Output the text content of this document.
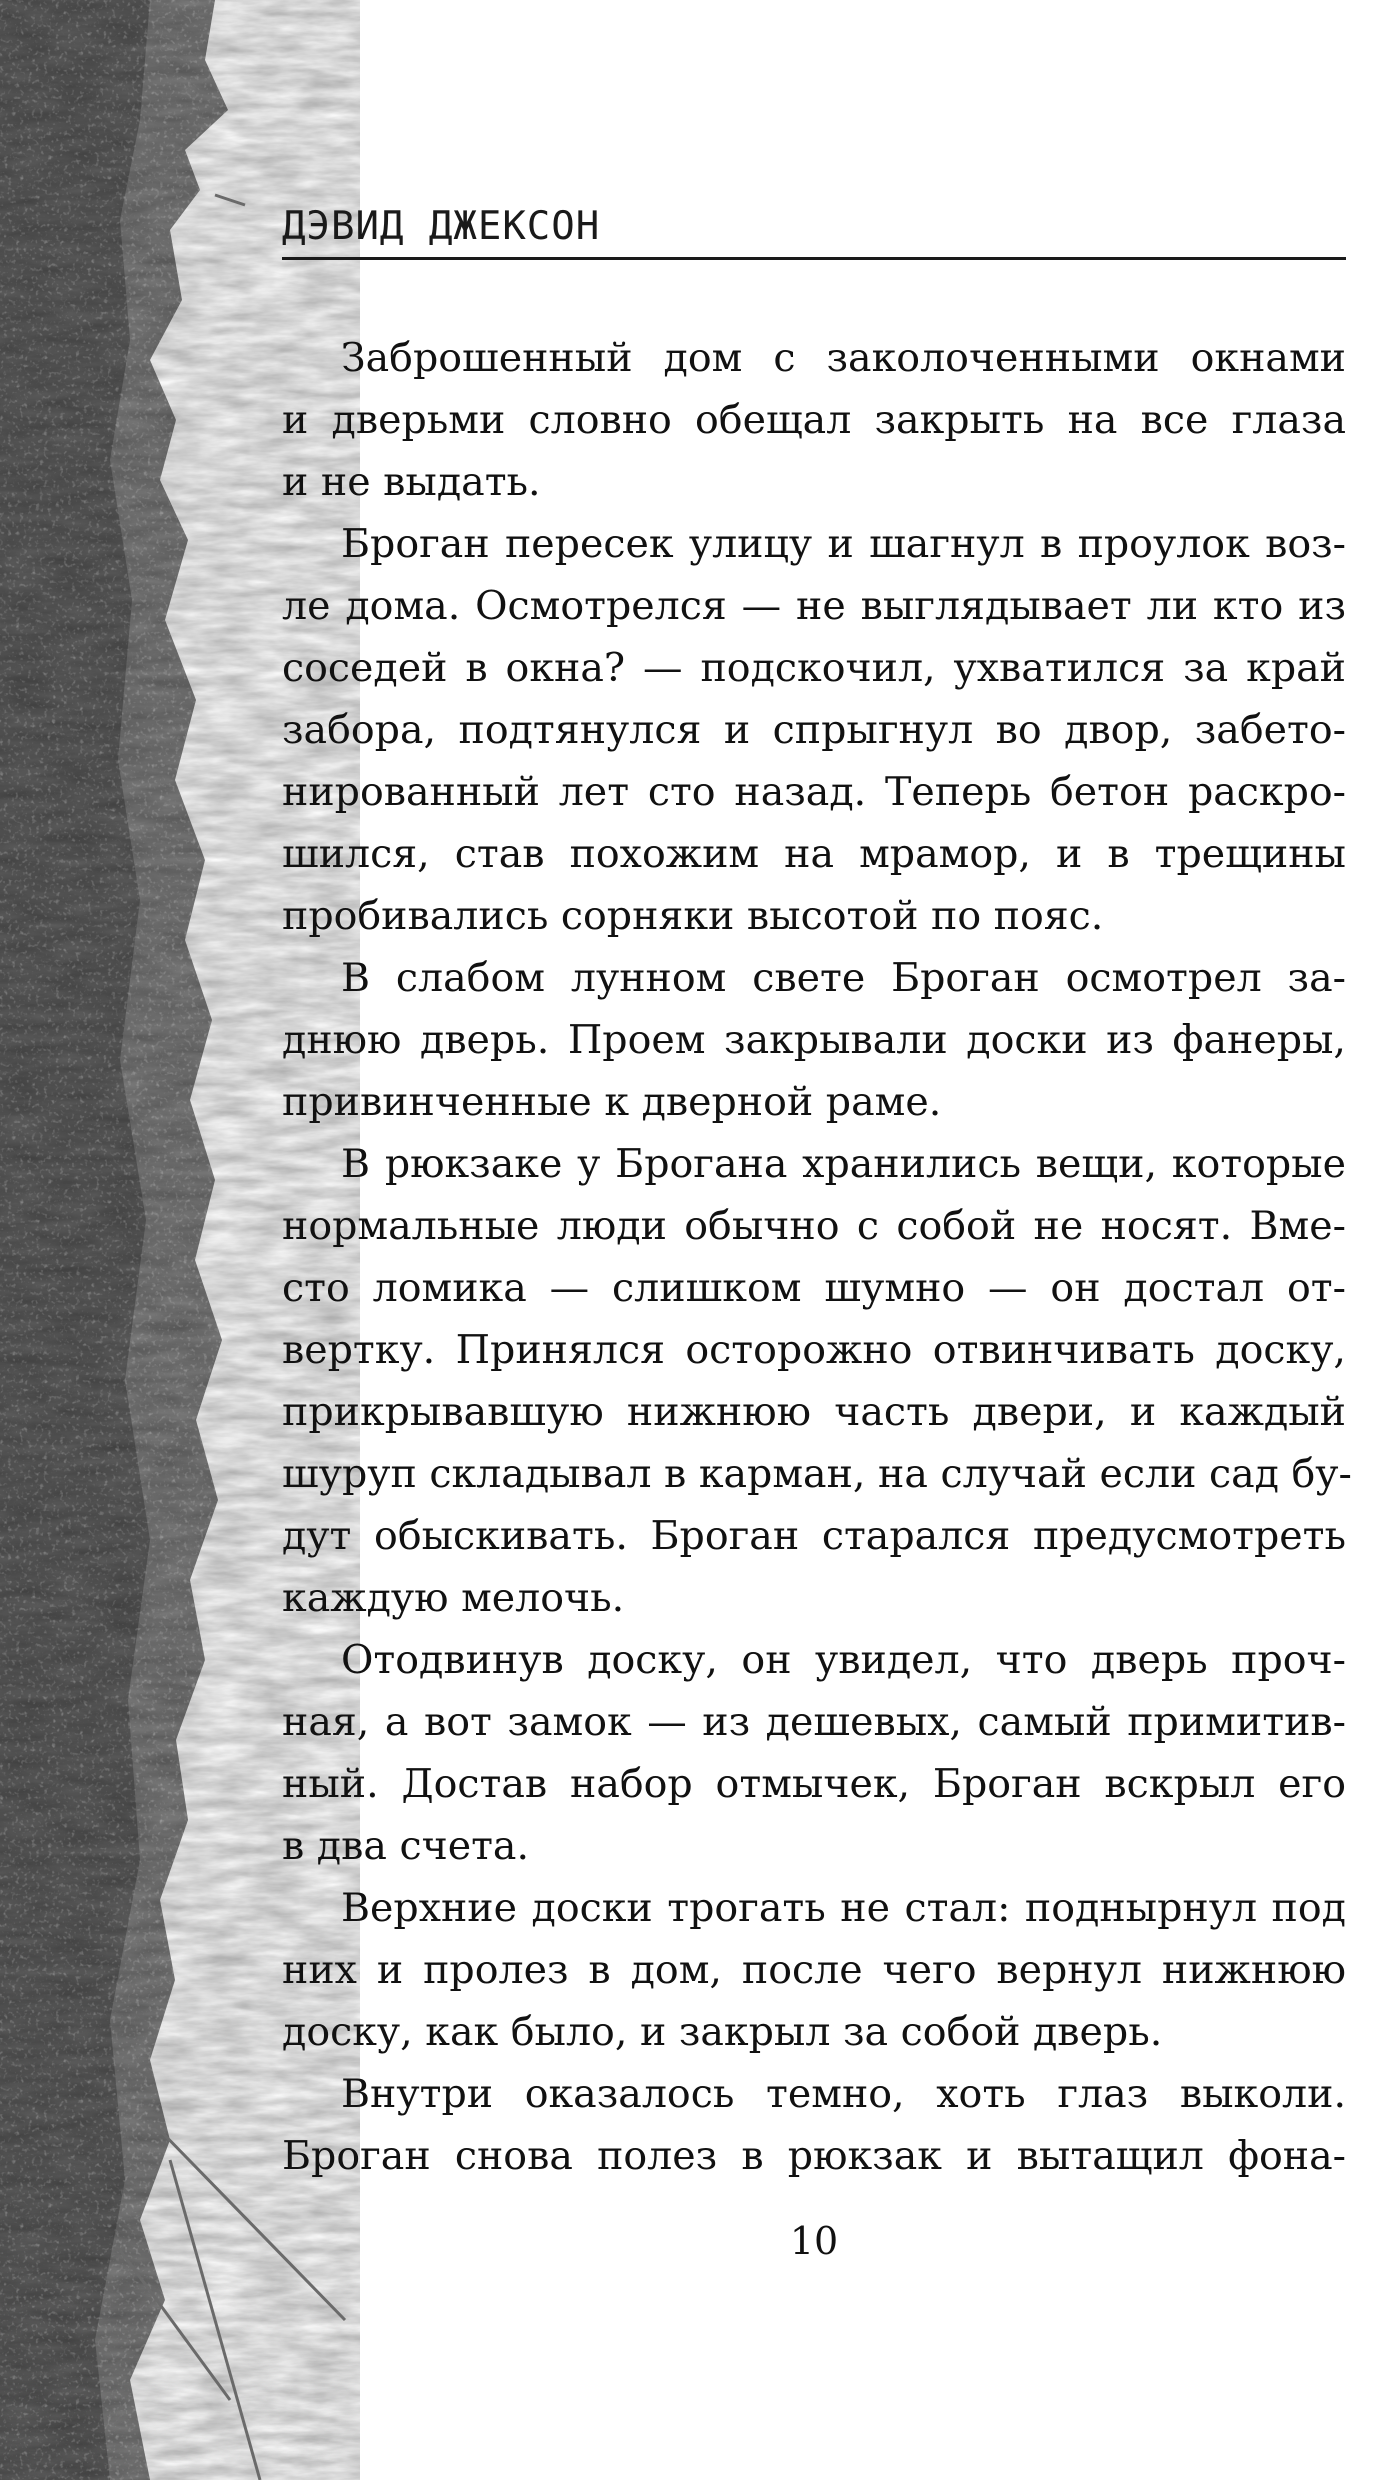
ДЭВИД ДЖЕКСОН
Заброшенный дом с заколоченными окнами
и дверьми словно обещал закрыть на все глаза
и не выдать.
Броган пересек улицу и шагнул в проулок воз-
ле дома. Осмотрелся — не выглядывает ли кто из
соседей в окна? — подскочил, ухватился за край
забора, подтянулся и спрыгнул во двор, забето-
нированный лет сто назад. Теперь бетон раскро-
шился, став похожим на мрамор, и в трещины
пробивались сорняки высотой по пояс.
В слабом лунном свете Броган осмотрел за-
днюю дверь. Проем закрывали доски из фанеры,
привинченные к дверной раме.
В рюкзаке у Брогана хранились вещи, которые
нормальные люди обычно с собой не носят. Вме-
сто ломика — слишком шумно — он достал от-
вертку. Принялся осторожно отвинчивать доску,
прикрывавшую нижнюю часть двери, и каждый
шуруп складывал в карман, на случай если сад бу-
дут обыскивать. Броган старался предусмотреть
каждую мелочь.
Отодвинув доску, он увидел, что дверь проч-
ная, а вот замок — из дешевых, самый примитив-
ный. Достав набор отмычек, Броган вскрыл его
в два счета.
Верхние доски трогать не стал: поднырнул под
них и пролез в дом, после чего вернул нижнюю
доску, как было, и закрыл за собой дверь.
Внутри оказалось темно, хоть глаз выколи.
Броган снова полез в рюкзак и вытащил фона-
10
